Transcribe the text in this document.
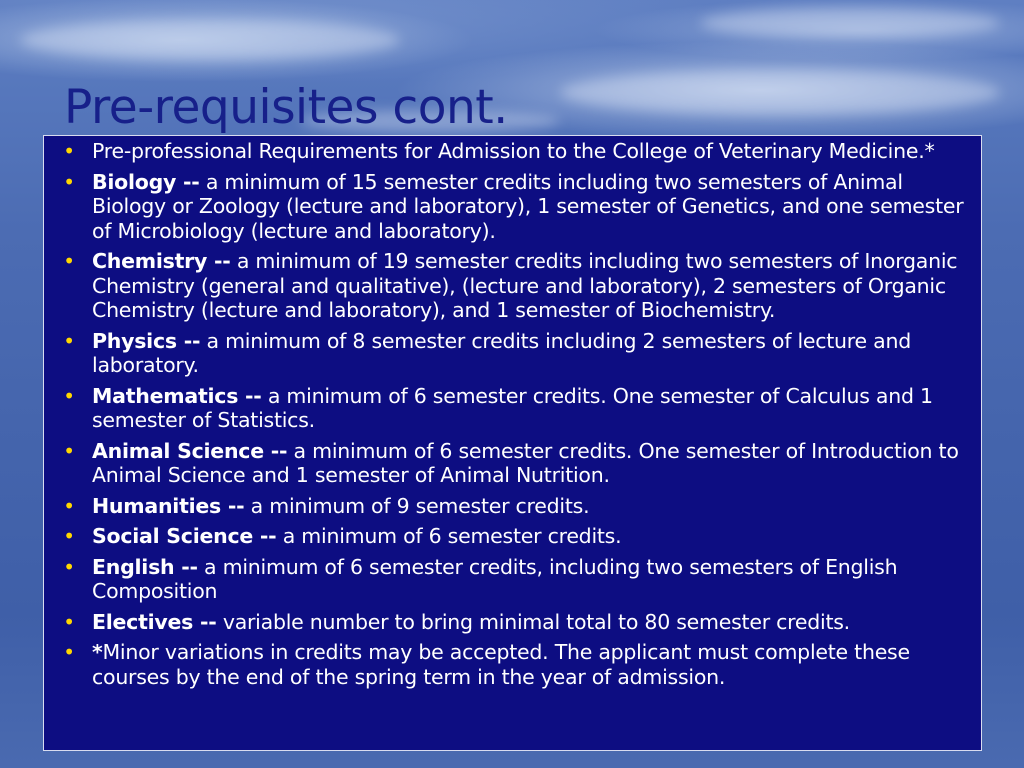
Pre-requisites cont.
• Pre-professional Requirements for Admission to the College of Veterinary Medicine.*
• Biology -- a minimum of 15 semester credits including two semesters of Animal Biology or Zoology (lecture and laboratory), 1 semester of Genetics, and one semester of Microbiology (lecture and laboratory).
• Chemistry -- a minimum of 19 semester credits including two semesters of Inorganic Chemistry (general and qualitative), (lecture and laboratory), 2 semesters of Organic Chemistry (lecture and laboratory), and 1 semester of Biochemistry.
• Physics -- a minimum of 8 semester credits including 2 semesters of lecture and laboratory.
• Mathematics -- a minimum of 6 semester credits. One semester of Calculus and 1 semester of Statistics.
• Animal Science -- a minimum of 6 semester credits. One semester of Introduction to Animal Science and 1 semester of Animal Nutrition.
• Humanities -- a minimum of 9 semester credits.
• Social Science -- a minimum of 6 semester credits.
• English -- a minimum of 6 semester credits, including two semesters of English Composition
• Electives -- variable number to bring minimal total to 80 semester credits.
• *Minor variations in credits may be accepted. The applicant must complete these courses by the end of the spring term in the year of admission.
